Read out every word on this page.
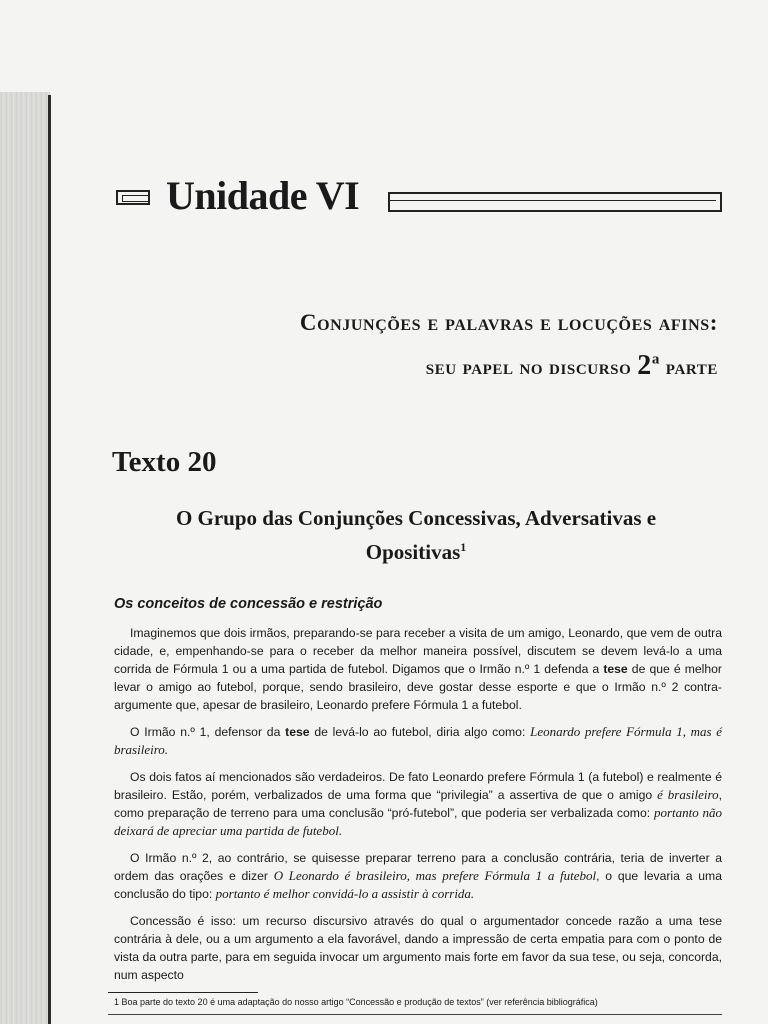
Unidade VI
Conjunções e palavras e locuções afins:
seu papel no discurso 2$^a$ parte
Texto 20
O Grupo das Conjunções Concessivas, Adversativas e
Opositivas$^1$
Os conceitos de concessão e restrição

Imaginemos que dois irmãos, preparando-se para receber a visita de um amigo, Leonardo, que vem de outra cidade, e, empenhando-se para o receber da melhor maneira possível, discutem se devem levá-lo a uma corrida de Fórmula 1 ou a uma partida de futebol. Digamos que o Irmão n.º 1 defenda a tese de que é melhor levar o amigo ao futebol, porque, sendo brasileiro, deve gostar desse esporte e que o Irmão n.º 2 contra-argumente que, apesar de brasileiro, Leonardo prefere Fórmula 1 a futebol.

O Irmão n.º 1, defensor da tese de levá-lo ao futebol, diria algo como: Leonardo prefere Fórmula 1, mas é brasileiro.

Os dois fatos aí mencionados são verdadeiros. De fato Leonardo prefere Fórmula 1 (a futebol) e realmente é brasileiro. Estão, porém, verbalizados de uma forma que “privilegia” a assertiva de que o amigo é brasileiro, como preparação de terreno para uma conclusão “pró-futebol”, que poderia ser verbalizada como: portanto não deixará de apreciar uma partida de futebol.

O Irmão n.º 2, ao contrário, se quisesse preparar terreno para a conclusão contrária, teria de inverter a ordem das orações e dizer O Leonardo é brasileiro, mas prefere Fórmula 1 a futebol, o que levaria a uma conclusão do tipo: portanto é melhor convidá-lo a assistir à corrida.

Concessão é isso: um recurso discursivo através do qual o argumentador concede razão a uma tese contrária à dele, ou a um argumento a ela favorável, dando a impressão de certa empatia para com o ponto de vista da outra parte, para em seguida invocar um argumento mais forte em favor da sua tese, ou seja, concorda, num aspecto

1 Boa parte do texto 20 é uma adaptação do nosso artigo “Concessão e produção de textos” (ver referência bibliográfica)
